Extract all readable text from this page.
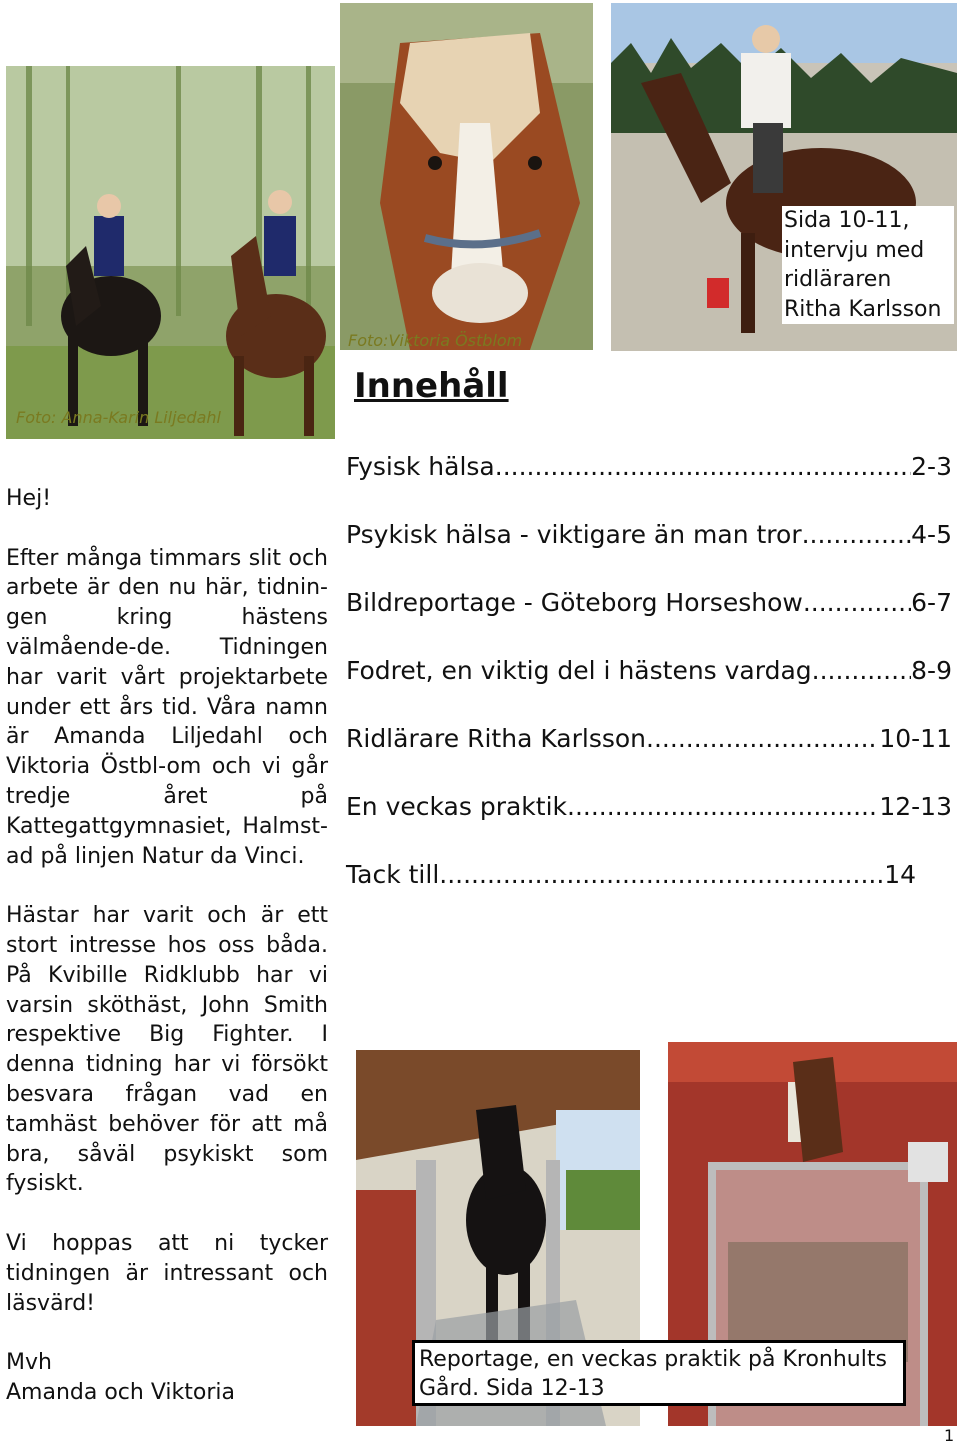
Foto: Anna-Karin Liljedahl
Foto:Viktoria Östblom
Sida 10-11,
intervju med
ridläraren
Ritha Karlsson

Hej!

Efter många timmars slit och arbete är den nu här, tidnin-gen kring hästens välmående-de. Tidningen har varit vårt projektarbete under ett års tid. Våra namn är Amanda Liljedahl och Viktoria Östbl-om och vi går tredje året på Kattegattgymnasiet, Halmst-ad på linjen Natur da Vinci.

Hästar har varit och är ett stort intresse hos oss båda. På Kvibille Ridklubb har vi varsin sköthäst, John Smith respektive Big Fighter. I denna tidning har vi försökt besvara frågan vad en tamhäst behöver för att må bra, såväl psykiskt som fysiskt.

Vi hoppas att ni tycker tidningen är intressant och läsvärd!

Mvh

Amanda och Viktoria

Innehåll
Fysisk hälsa .....	2-3
Psykisk hälsa - viktigare än man tror .....	4-5
Bildreportage - Göteborg Horseshow .....	6-7
Fodret, en viktig del i hästens vardag .....	8-9
Ridlärare Ritha Karlsson .....	10-11
En veckas praktik .....	12-13
Tack till .....	14
Reportage, en veckas praktik på Kronhults
Gård. Sida 12-13
1
